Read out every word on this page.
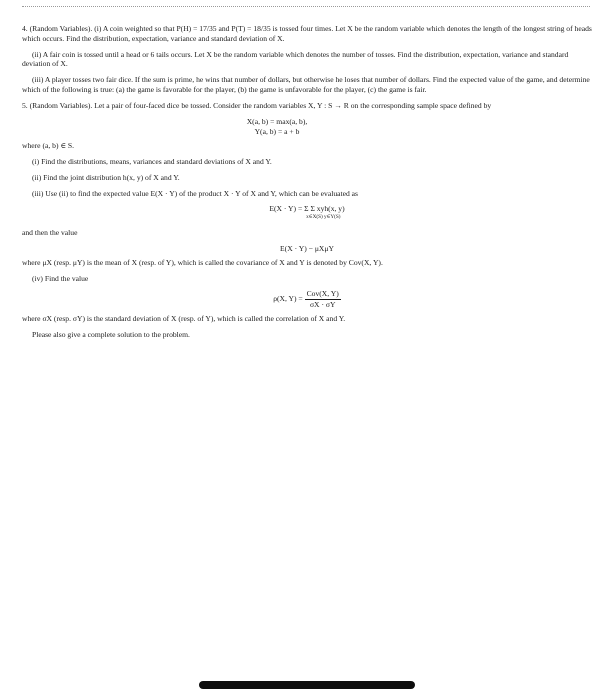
4. (Random Variables). (i) A coin weighted so that P(H) = 17/35 and P(T) = 18/35 is tossed four times. Let X be the random variable which denotes the length of the longest string of heads which occurs. Find the distribution, expectation, variance and standard deviation of X.

(ii) A fair coin is tossed until a head or 6 tails occurs. Let X be the random variable which denotes the number of tosses. Find the distribution, expectation, variance and standard deviation of X.

(iii) A player tosses two fair dice. If the sum is prime, he wins that number of dollars, but otherwise he loses that number of dollars. Find the expected value of the game, and determine which of the following is true: (a) the game is favorable for the player, (b) the game is unfavorable for the player, (c) the game is fair.

5. (Random Variables). Let a pair of four-faced dice be tossed. Consider the random variables X, Y : S → R on the corresponding sample space defined by

X(a, b) = max(a, b),

Y(a, b) = a + b

where (a, b) ∈ S.

(i) Find the distributions, means, variances and standard deviations of X and Y.

(ii) Find the joint distribution h(x, y) of X and Y.

(iii) Use (ii) to find the expected value E(X · Y) of the product X · Y of X and Y, which can be evaluated as

E(X · Y) = Σ Σ xyh(x, y)
x∈X(S) y∈Y(S)

and then the value

E(X · Y) − μXμY

where μX (resp. μY) is the mean of X (resp. of Y), which is called the covariance of X and Y is denoted by Cov(X, Y).

(iv) Find the value

ρ(X, $Y) = \frac{\text{Cov(X, Y)}}{\sigma X \cdot \sigma Y}$

where σX (resp. σY) is the standard deviation of X (resp. of Y), which is called the correlation of X and Y.

Please also give a complete solution to the problem.
